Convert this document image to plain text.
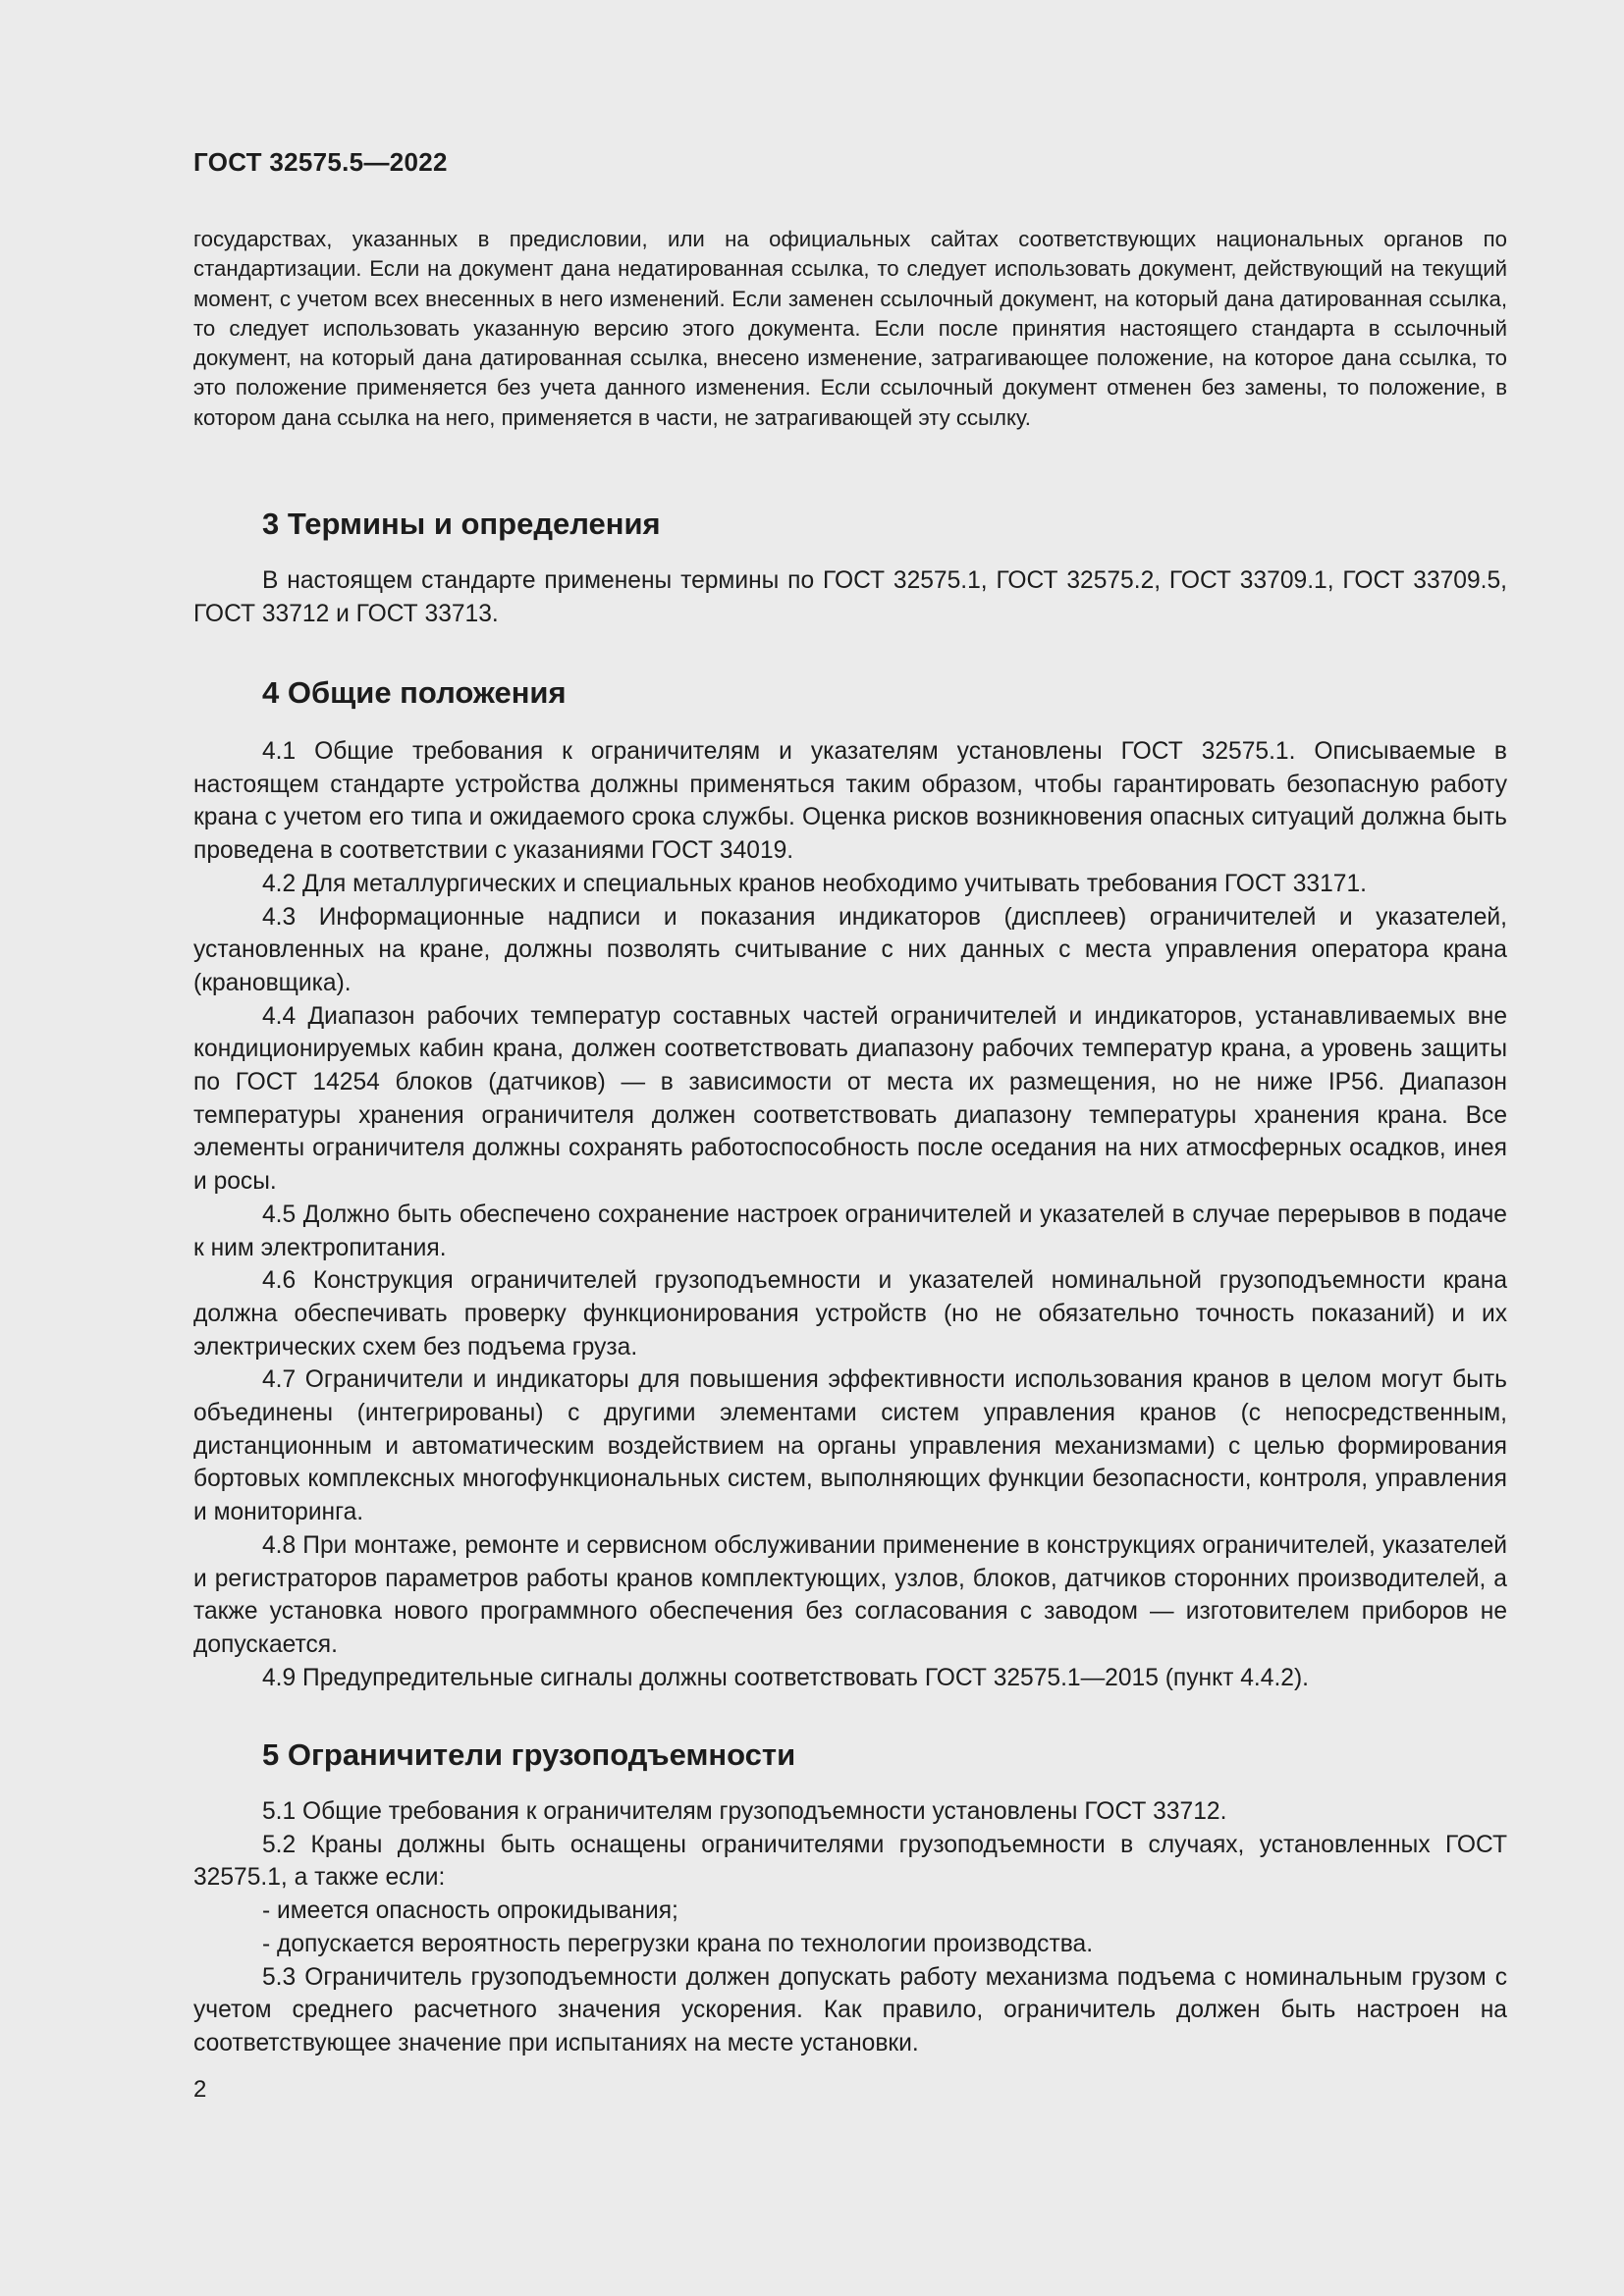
ГОСТ 32575.5—2022

государствах, указанных в предисловии, или на официальных сайтах соответствующих национальных органов по стандартизации. Если на документ дана недатированная ссылка, то следует использовать документ, действующий на текущий момент, с учетом всех внесенных в него изменений. Если заменен ссылочный документ, на который дана датированная ссылка, то следует использовать указанную версию этого документа. Если после принятия настоящего стандарта в ссылочный документ, на который дана датированная ссылка, внесено изменение, затрагивающее положение, на которое дана ссылка, то это положение применяется без учета данного изменения. Если ссылочный документ отменен без замены, то положение, в котором дана ссылка на него, применяется в части, не затрагивающей эту ссылку.

3 Термины и определения

В настоящем стандарте применены термины по ГОСТ 32575.1, ГОСТ 32575.2, ГОСТ 33709.1, ГОСТ 33709.5, ГОСТ 33712 и ГОСТ 33713.

4 Общие положения

4.1 Общие требования к ограничителям и указателям установлены ГОСТ 32575.1. Описываемые в настоящем стандарте устройства должны применяться таким образом, чтобы гарантировать безопасную работу крана с учетом его типа и ожидаемого срока службы. Оценка рисков возникновения опасных ситуаций должна быть проведена в соответствии с указаниями ГОСТ 34019.

4.2 Для металлургических и специальных кранов необходимо учитывать требования ГОСТ 33171.

4.3 Информационные надписи и показания индикаторов (дисплеев) ограничителей и указателей, установленных на кране, должны позволять считывание с них данных с места управления оператора крана (крановщика).

4.4 Диапазон рабочих температур составных частей ограничителей и индикаторов, устанавливаемых вне кондиционируемых кабин крана, должен соответствовать диапазону рабочих температур крана, а уровень защиты по ГОСТ 14254 блоков (датчиков) — в зависимости от места их размещения, но не ниже IP56. Диапазон температуры хранения ограничителя должен соответствовать диапазону температуры хранения крана. Все элементы ограничителя должны сохранять работоспособность после оседания на них атмосферных осадков, инея и росы.

4.5 Должно быть обеспечено сохранение настроек ограничителей и указателей в случае перерывов в подаче к ним электропитания.

4.6 Конструкция ограничителей грузоподъемности и указателей номинальной грузоподъемности крана должна обеспечивать проверку функционирования устройств (но не обязательно точность показаний) и их электрических схем без подъема груза.

4.7 Ограничители и индикаторы для повышения эффективности использования кранов в целом могут быть объединены (интегрированы) с другими элементами систем управления кранов (с непосредственным, дистанционным и автоматическим воздействием на органы управления механизмами) с целью формирования бортовых комплексных многофункциональных систем, выполняющих функции безопасности, контроля, управления и мониторинга.

4.8 При монтаже, ремонте и сервисном обслуживании применение в конструкциях ограничителей, указателей и регистраторов параметров работы кранов комплектующих, узлов, блоков, датчиков сторонних производителей, а также установка нового программного обеспечения без согласования с заводом — изготовителем приборов не допускается.

4.9 Предупредительные сигналы должны соответствовать ГОСТ 32575.1—2015 (пункт 4.4.2).

5 Ограничители грузоподъемности

5.1 Общие требования к ограничителям грузоподъемности установлены ГОСТ 33712.

5.2 Краны должны быть оснащены ограничителями грузоподъемности в случаях, установленных ГОСТ 32575.1, а также если:

- имеется опасность опрокидывания;

- допускается вероятность перегрузки крана по технологии производства.

5.3 Ограничитель грузоподъемности должен допускать работу механизма подъема с номинальным грузом с учетом среднего расчетного значения ускорения. Как правило, ограничитель должен быть настроен на соответствующее значение при испытаниях на месте установки.

2
